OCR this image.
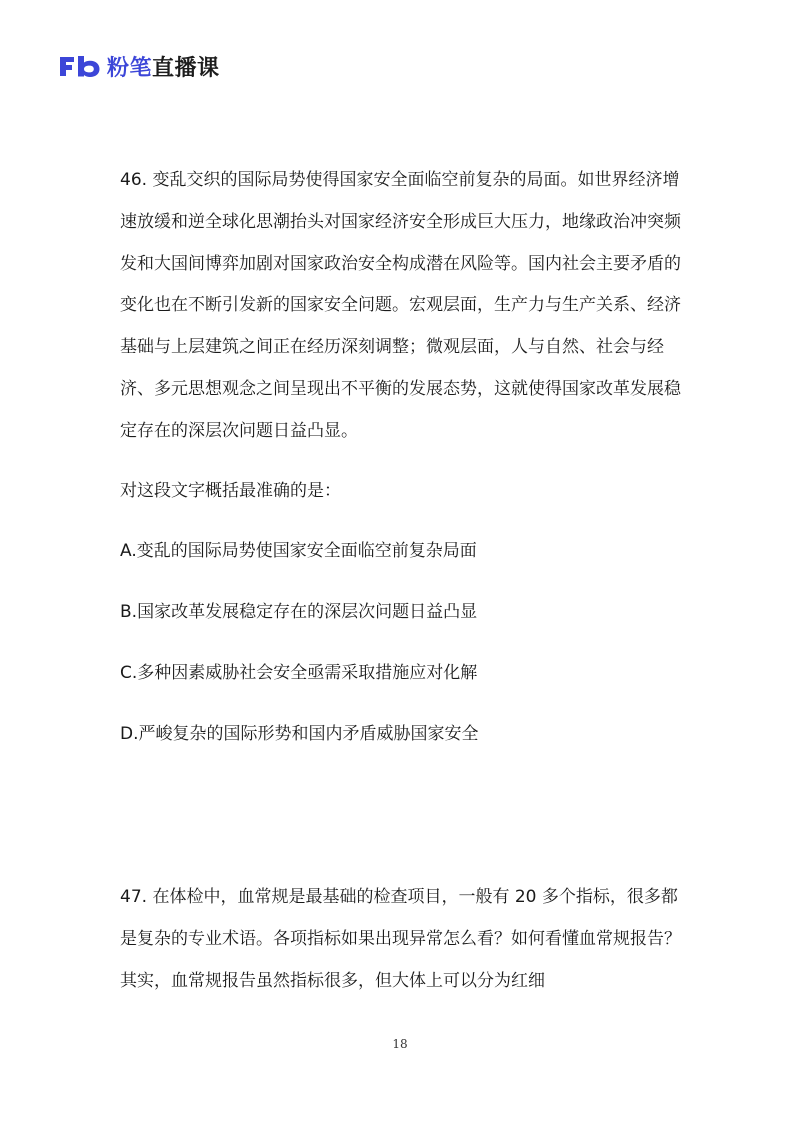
粉笔 直播课

46. 变乱交织的国际局势使得国家安全面临空前复杂的局面。如世界经济增速放缓和逆全球化思潮抬头对国家经济安全形成巨大压力，地缘政治冲突频发和大国间博弈加剧对国家政治安全构成潜在风险等。国内社会主要矛盾的变化也在不断引发新的国家安全问题。宏观层面，生产力与生产关系、经济基础与上层建筑之间正在经历深刻调整；微观层面，人与自然、社会与经济、多元思想观念之间呈现出不平衡的发展态势，这就使得国家改革发展稳定存在的深层次问题日益凸显。

对这段文字概括最准确的是：

A.变乱的国际局势使国家安全面临空前复杂局面

B.国家改革发展稳定存在的深层次问题日益凸显

C.多种因素威胁社会安全亟需采取措施应对化解

D.严峻复杂的国际形势和国内矛盾威胁国家安全

47. 在体检中，血常规是最基础的检查项目，一般有 20 多个指标，很多都是复杂的专业术语。各项指标如果出现异常怎么看？如何看懂血常规报告？其实，血常规报告虽然指标很多，但大体上可以分为红细

18
